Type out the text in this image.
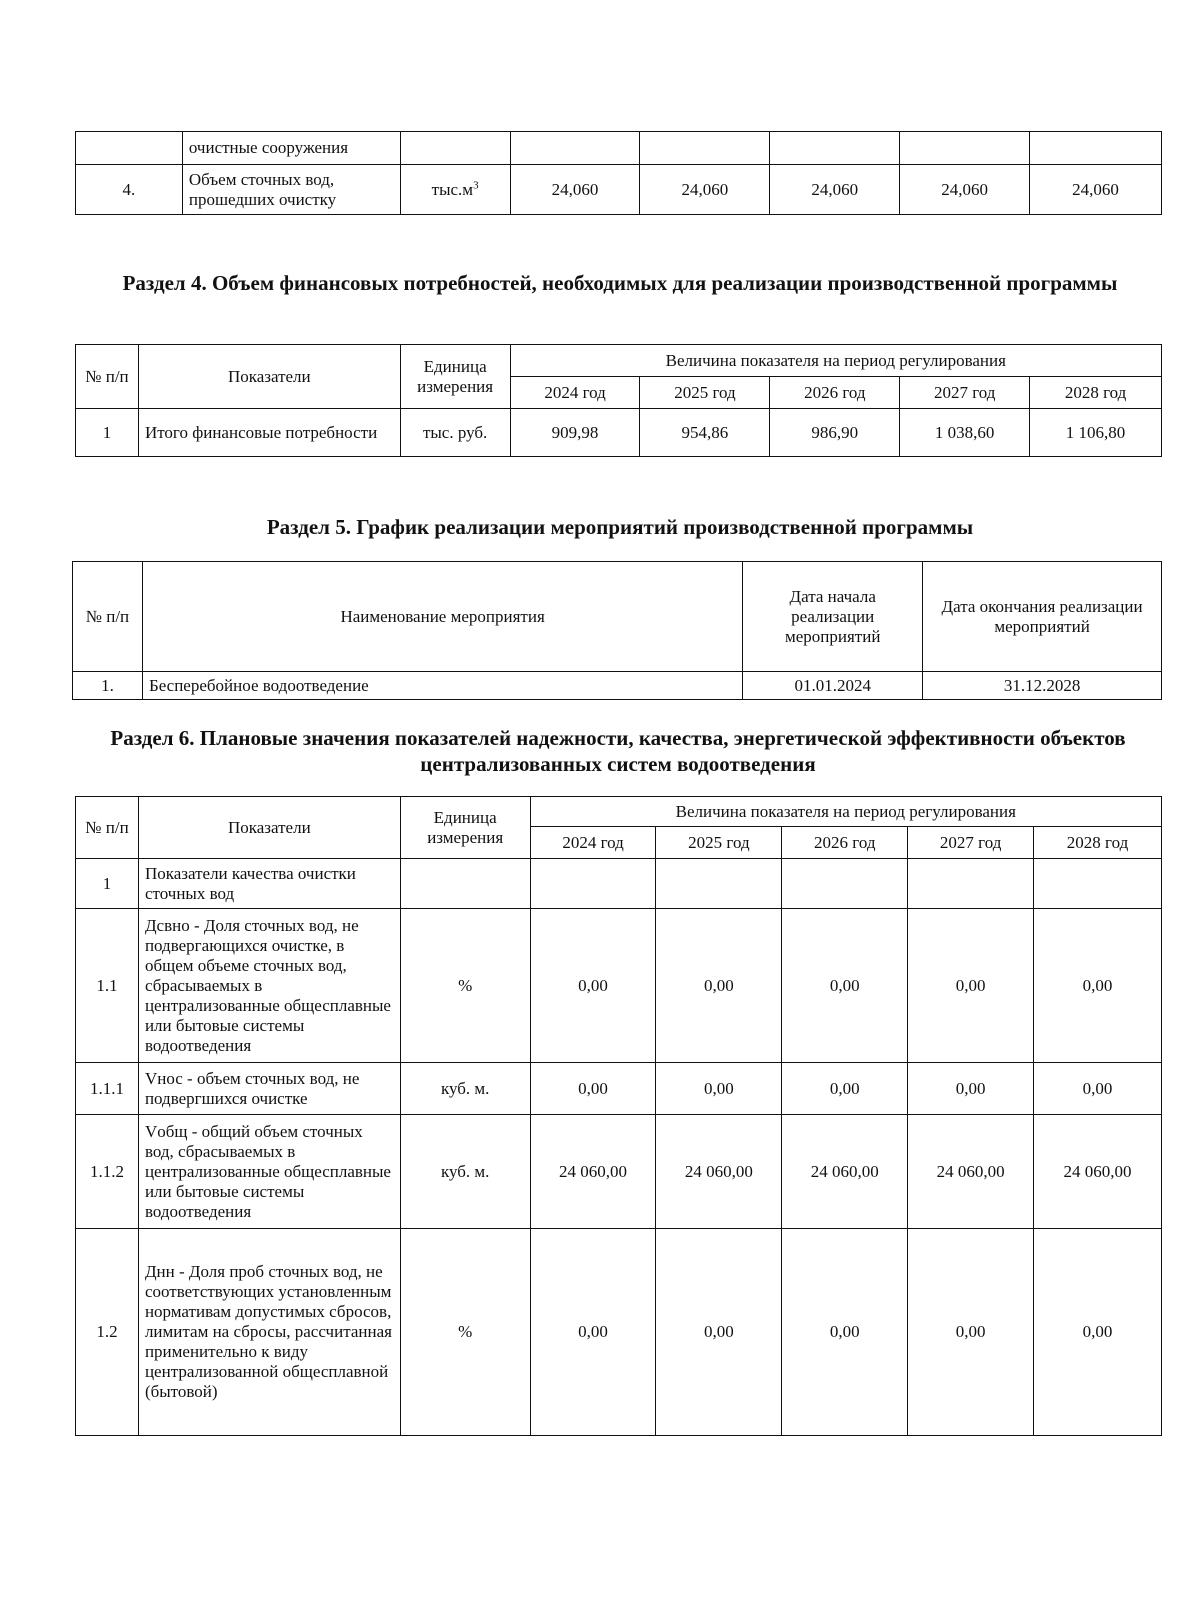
	очистные сооружения						
4.	Объем сточных вод, прошедших очистку	$тыс.м^3$	24,060	24,060	24,060	24,060	24,060
Раздел 4. Объем финансовых потребностей, необходимых для реализации производственной программы
№ п/п	Показатели	Единица измерения	Величина показателя на период регулирования				
			2024 год	2025 год	2026 год	2027 год	2028 год
1	Итого финансовые потребности	тыс. руб.	909,98	954,86	986,90	1 038,60	1 106,80
Раздел 5. График реализации мероприятий производственной программы
№ п/п	Наименование мероприятия	Дата начала реализации мероприятий	Дата окончания реализации мероприятий
1.	Бесперебойное водоотведение	01.01.2024	31.12.2028
Раздел 6. Плановые значения показателей надежности, качества, энергетической эффективности объектов централизованных систем водоотведения
№ п/п	Показатели	Единица измерения	Величина показателя на период регулирования				
			2024 год	2025 год	2026 год	2027 год	2028 год
1	Показатели качества очистки сточных вод						
1.1	Дсвно - Доля сточных вод, не подвергающихся очистке, в общем объеме сточных вод, сбрасываемых в централизованные общесплавные или бытовые системы водоотведения	%	0,00	0,00	0,00	0,00	0,00
1.1.1	Vнос - объем сточных вод, не подвергшихся очистке	куб. м.	0,00	0,00	0,00	0,00	0,00
1.1.2	Vобщ - общий объем сточных вод, сбрасываемых в централизованные общесплавные или бытовые системы водоотведения	куб. м.	24 060,00	24 060,00	24 060,00	24 060,00	24 060,00
1.2	Днн - Доля проб сточных вод, не соответствующих установленным нормативам допустимых сбросов, лимитам на сбросы, рассчитанная применительно к виду централизованной общесплавной (бытовой)	%	0,00	0,00	0,00	0,00	0,00
